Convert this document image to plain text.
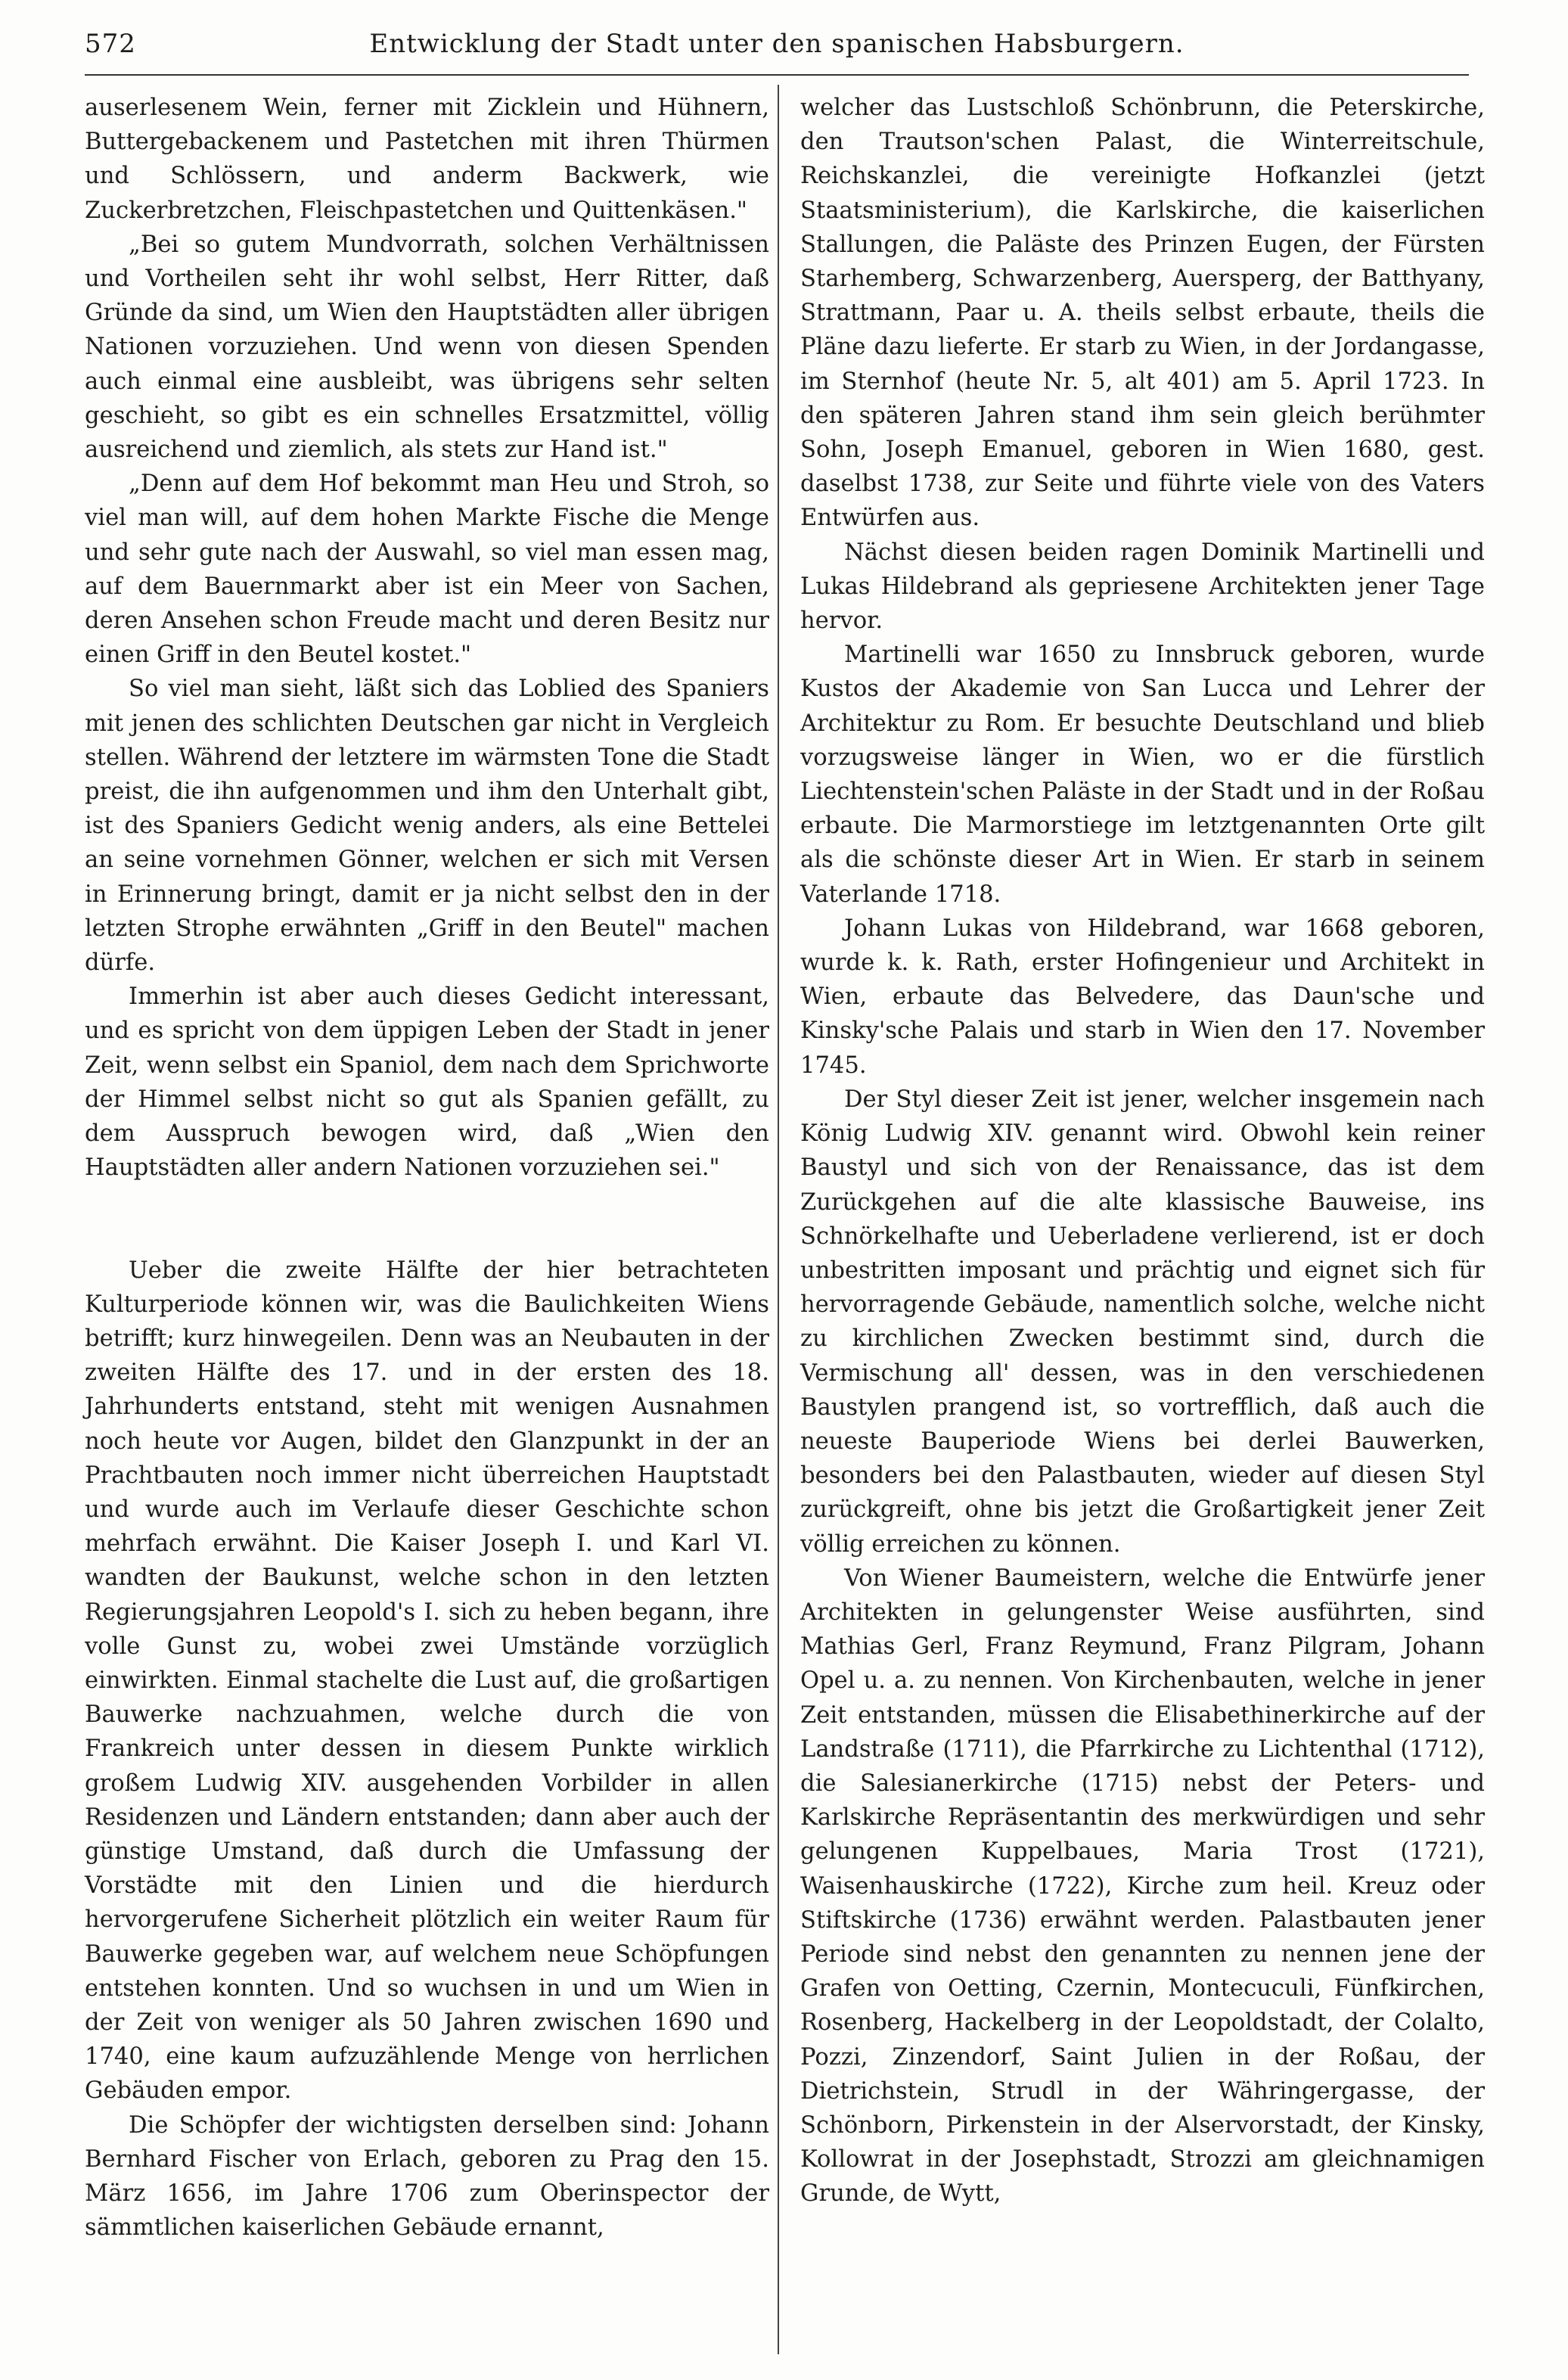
572	Entwicklung der Stadt unter den spanischen Habsburgern.

auserlesenem Wein, ferner mit Zicklein und Hühnern, Buttergebackenem und Pastetchen mit ihren Thürmen und Schlössern, und anderm Backwerk, wie Zuckerbretzchen, Fleischpastetchen und Quittenkäsen."

„Bei so gutem Mundvorrath, solchen Verhältnissen und Vortheilen seht ihr wohl selbst, Herr Ritter, daß Gründe da sind, um Wien den Hauptstädten aller übrigen Nationen vorzuziehen. Und wenn von diesen Spenden auch einmal eine ausbleibt, was übrigens sehr selten geschieht, so gibt es ein schnelles Ersatzmittel, völlig ausreichend und ziemlich, als stets zur Hand ist."

„Denn auf dem Hof bekommt man Heu und Stroh, so viel man will, auf dem hohen Markte Fische die Menge und sehr gute nach der Auswahl, so viel man essen mag, auf dem Bauernmarkt aber ist ein Meer von Sachen, deren Ansehen schon Freude macht und deren Besitz nur einen Griff in den Beutel kostet."

So viel man sieht, läßt sich das Loblied des Spaniers mit jenen des schlichten Deutschen gar nicht in Vergleich stellen. Während der letztere im wärmsten Tone die Stadt preist, die ihn aufgenommen und ihm den Unterhalt gibt, ist des Spaniers Gedicht wenig anders, als eine Bettelei an seine vornehmen Gönner, welchen er sich mit Versen in Erinnerung bringt, damit er ja nicht selbst den in der letzten Strophe erwähnten „Griff in den Beutel" machen dürfe.

Immerhin ist aber auch dieses Gedicht interessant, und es spricht von dem üppigen Leben der Stadt in jener Zeit, wenn selbst ein Spaniol, dem nach dem Sprichworte der Himmel selbst nicht so gut als Spanien gefällt, zu dem Ausspruch bewogen wird, daß „Wien den Hauptstädten aller andern Nationen vorzuziehen sei."

Ueber die zweite Hälfte der hier betrachteten Kulturperiode können wir, was die Baulichkeiten Wiens betrifft; kurz hinwegeilen. Denn was an Neubauten in der zweiten Hälfte des 17. und in der ersten des 18. Jahrhunderts entstand, steht mit wenigen Ausnahmen noch heute vor Augen, bildet den Glanzpunkt in der an Prachtbauten noch immer nicht überreichen Hauptstadt und wurde auch im Verlaufe dieser Geschichte schon mehrfach erwähnt. Die Kaiser Joseph I. und Karl VI. wandten der Baukunst, welche schon in den letzten Regierungsjahren Leopold's I. sich zu heben begann, ihre volle Gunst zu, wobei zwei Umstände vorzüglich einwirkten. Einmal stachelte die Lust auf, die großartigen Bauwerke nachzuahmen, welche durch die von Frankreich unter dessen in diesem Punkte wirklich großem Ludwig XIV. ausgehenden Vorbilder in allen Residenzen und Ländern entstanden; dann aber auch der günstige Umstand, daß durch die Umfassung der Vorstädte mit den Linien und die hierdurch hervorgerufene Sicherheit plötzlich ein weiter Raum für Bauwerke gegeben war, auf welchem neue Schöpfungen entstehen konnten. Und so wuchsen in und um Wien in der Zeit von weniger als 50 Jahren zwischen 1690 und 1740, eine kaum aufzuzählende Menge von herrlichen Gebäuden empor.

Die Schöpfer der wichtigsten derselben sind: Johann Bernhard Fischer von Erlach, geboren zu Prag den 15. März 1656, im Jahre 1706 zum Oberinspector der sämmtlichen kaiserlichen Gebäude ernannt,

welcher das Lustschloß Schönbrunn, die Peterskirche, den Trautson'schen Palast, die Winterreitschule, Reichskanzlei, die vereinigte Hofkanzlei (jetzt Staatsministerium), die Karlskirche, die kaiserlichen Stallungen, die Paläste des Prinzen Eugen, der Fürsten Starhemberg, Schwarzenberg, Auersperg, der Batthyany, Strattmann, Paar u. A. theils selbst erbaute, theils die Pläne dazu lieferte. Er starb zu Wien, in der Jordangasse, im Sternhof (heute Nr. 5, alt 401) am 5. April 1723. In den späteren Jahren stand ihm sein gleich berühmter Sohn, Joseph Emanuel, geboren in Wien 1680, gest. daselbst 1738, zur Seite und führte viele von des Vaters Entwürfen aus.

Nächst diesen beiden ragen Dominik Martinelli und Lukas Hildebrand als gepriesene Architekten jener Tage hervor.

Martinelli war 1650 zu Innsbruck geboren, wurde Kustos der Akademie von San Lucca und Lehrer der Architektur zu Rom. Er besuchte Deutschland und blieb vorzugsweise länger in Wien, wo er die fürstlich Liechtenstein'schen Paläste in der Stadt und in der Roßau erbaute. Die Marmorstiege im letztgenannten Orte gilt als die schönste dieser Art in Wien. Er starb in seinem Vaterlande 1718.

Johann Lukas von Hildebrand, war 1668 geboren, wurde k. k. Rath, erster Hofingenieur und Architekt in Wien, erbaute das Belvedere, das Daun'sche und Kinsky'sche Palais und starb in Wien den 17. November 1745.

Der Styl dieser Zeit ist jener, welcher insgemein nach König Ludwig XIV. genannt wird. Obwohl kein reiner Baustyl und sich von der Renaissance, das ist dem Zurückgehen auf die alte klassische Bauweise, ins Schnörkelhafte und Ueberladene verlierend, ist er doch unbestritten imposant und prächtig und eignet sich für hervorragende Gebäude, namentlich solche, welche nicht zu kirchlichen Zwecken bestimmt sind, durch die Vermischung all' dessen, was in den verschiedenen Baustylen prangend ist, so vortrefflich, daß auch die neueste Bauperiode Wiens bei derlei Bauwerken, besonders bei den Palastbauten, wieder auf diesen Styl zurückgreift, ohne bis jetzt die Großartigkeit jener Zeit völlig erreichen zu können.

Von Wiener Baumeistern, welche die Entwürfe jener Architekten in gelungenster Weise ausführten, sind Mathias Gerl, Franz Reymund, Franz Pilgram, Johann Opel u. a. zu nennen. Von Kirchenbauten, welche in jener Zeit entstanden, müssen die Elisabethinerkirche auf der Landstraße (1711), die Pfarrkirche zu Lichtenthal (1712), die Salesianerkirche (1715) nebst der Peters- und Karlskirche Repräsentantin des merkwürdigen und sehr gelungenen Kuppelbaues, Maria Trost (1721), Waisenhauskirche (1722), Kirche zum heil. Kreuz oder Stiftskirche (1736) erwähnt werden. Palastbauten jener Periode sind nebst den genannten zu nennen jene der Grafen von Oetting, Czernin, Montecuculi, Fünfkirchen, Rosenberg, Hackelberg in der Leopoldstadt, der Colalto, Pozzi, Zinzendorf, Saint Julien in der Roßau, der Dietrichstein, Strudl in der Währingergasse, der Schönborn, Pirkenstein in der Alservorstadt, der Kinsky, Kollowrat in der Josephstadt, Strozzi am gleichnamigen Grunde, de Wytt,
